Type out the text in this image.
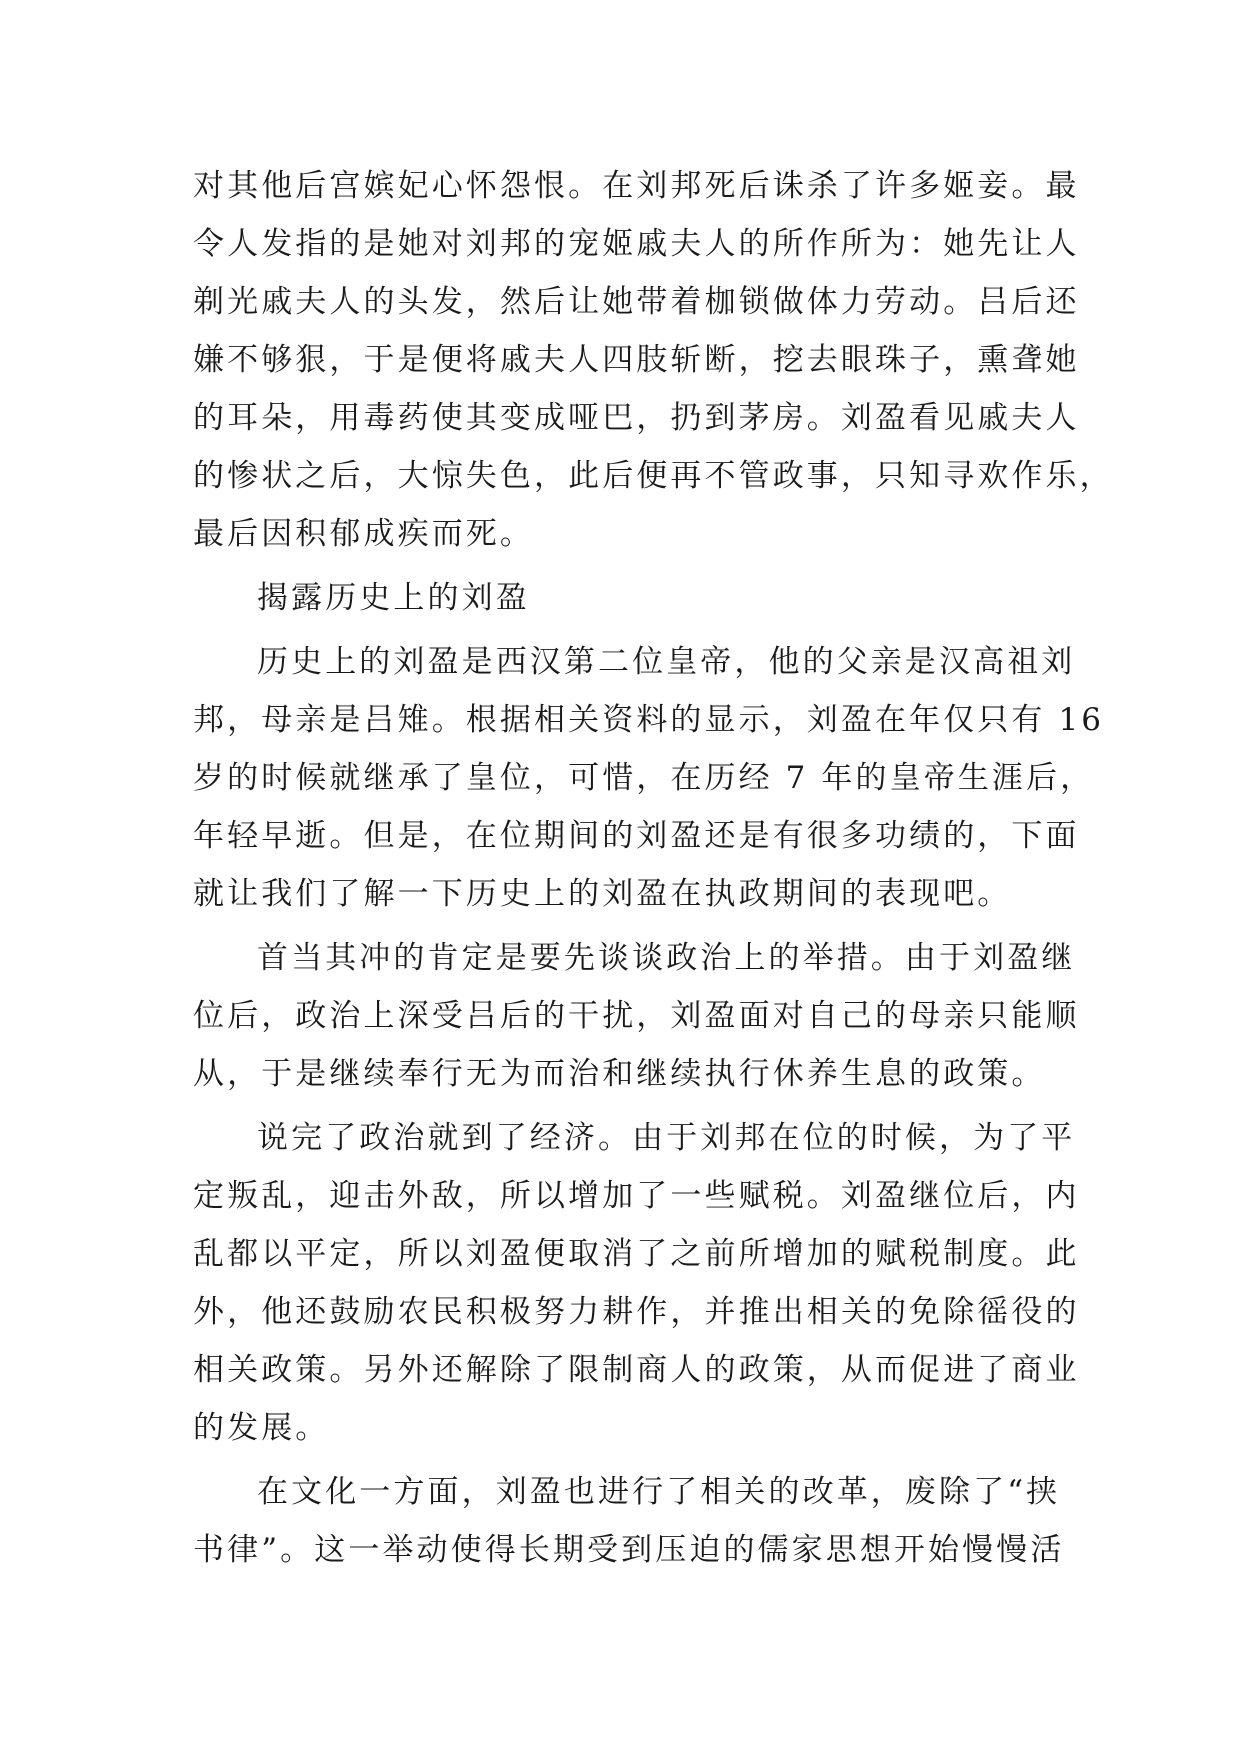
对其他后宫嫔妃心怀怨恨。在刘邦死后诛杀了许多姬妾。最
令人发指的是她对刘邦的宠姬戚夫人的所作所为：她先让人
剃光戚夫人的头发，然后让她带着枷锁做体力劳动。吕后还
嫌不够狠，于是便将戚夫人四肢斩断，挖去眼珠子，熏聋她
的耳朵，用毒药使其变成哑巴，扔到茅房。刘盈看见戚夫人
的惨状之后，大惊失色，此后便再不管政事，只知寻欢作乐，
最后因积郁成疾而死。
揭露历史上的刘盈
历史上的刘盈是西汉第二位皇帝，他的父亲是汉高祖刘
邦，母亲是吕雉。根据相关资料的显示，刘盈在年仅只有 16
岁的时候就继承了皇位，可惜，在历经 7 年的皇帝生涯后，
年轻早逝。但是，在位期间的刘盈还是有很多功绩的，下面
就让我们了解一下历史上的刘盈在执政期间的表现吧。
首当其冲的肯定是要先谈谈政治上的举措。由于刘盈继
位后，政治上深受吕后的干扰，刘盈面对自己的母亲只能顺
从，于是继续奉行无为而治和继续执行休养生息的政策。
说完了政治就到了经济。由于刘邦在位的时候，为了平
定叛乱，迎击外敌，所以增加了一些赋税。刘盈继位后，内
乱都以平定，所以刘盈便取消了之前所增加的赋税制度。此
外，他还鼓励农民积极努力耕作，并推出相关的免除徭役的
相关政策。另外还解除了限制商人的政策，从而促进了商业
的发展。
在文化一方面，刘盈也进行了相关的改革，废除了“挟
书律”。这一举动使得长期受到压迫的儒家思想开始慢慢活
